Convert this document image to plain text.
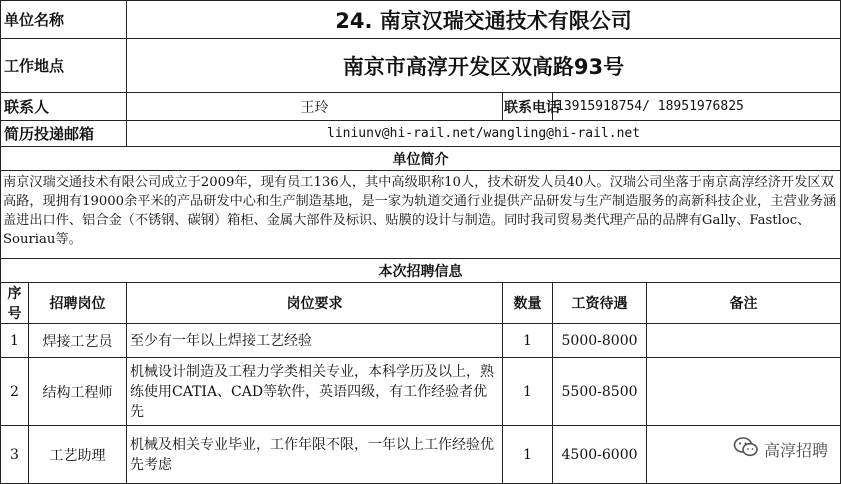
单位名称		24. 南京汉瑞交通技术有限公司			
工作地点		南京市高淳开发区双高路93号			
联系人		王玲	联系电话	13915918754/ 18951976825	
简历投递邮箱		liniunv@hi-rail.net/wangling@hi-rail.net			
单位简介					
南京汉瑞交通技术有限公司成立于2009年，现有员工136人，其中高级职称10人，技术研发人员40人。汉瑞公司坐落于南京高淳经济开发区双高路，现拥有19000余平米的产品研发中心和生产制造基地，是一家为轨道交通行业提供产品研发与生产制造服务的高新科技企业，主营业务涵盖进出口件、铝合金（不锈钢、碳钢）箱柜、金属大部件及标识、贴膜的设计与制造。同时我司贸易类代理产品的品牌有Gally、Fastloc、Souriau等。					
本次招聘信息					
序号	招聘岗位	岗位要求	数量	工资待遇	备注
1	焊接工艺员	至少有一年以上焊接工艺经验	1	5000-8000	
2	结构工程师	机械设计制造及工程力学类相关专业，本科学历及以上，熟练使用CATIA、CAD等软件，英语四级，有工作经验者优先	1	5500-8500	
3	工艺助理	机械及相关专业毕业，工作年限不限，一年以上工作经验优先考虑	1	4500-6000		高淳招聘
